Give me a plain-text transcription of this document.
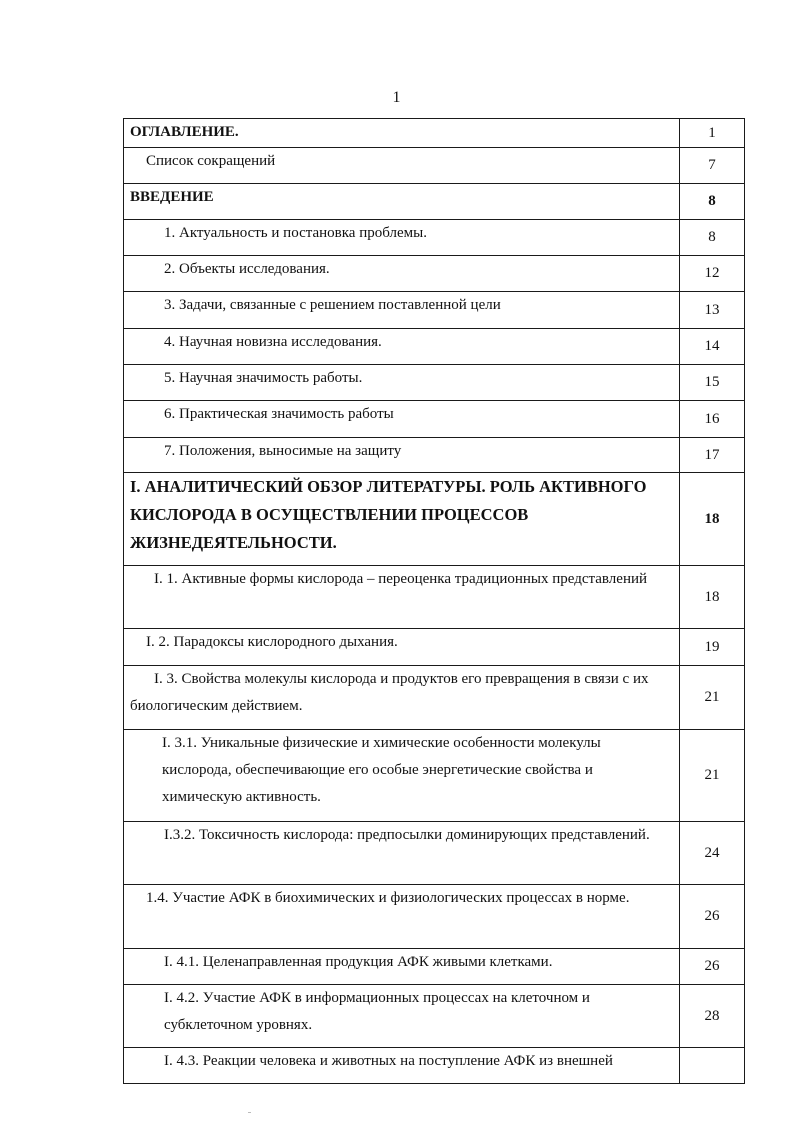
1
ОГЛАВЛЕНИЕ.	1
Список сокращений	7
ВВЕДЕНИЕ	8
1. Актуальность и постановка проблемы.	8
2. Объекты исследования.	12
3. Задачи, связанные с решением поставленной цели	13
4. Научная новизна исследования.	14
5. Научная значимость работы.	15
6. Практическая значимость работы	16
7. Положения, выносимые на защиту	17
I. АНАЛИТИЧЕСКИЙ ОБЗОР ЛИТЕРАТУРЫ. РОЛЬ АКТИВНОГО КИСЛОРОДА В ОСУЩЕСТВЛЕНИИ ПРОЦЕССОВ ЖИЗНЕДЕЯТЕЛЬНОСТИ.	18
I. 1. Активные формы кислорода – переоценка традиционных представлений	18
I. 2. Парадоксы кислородного дыхания.	19
I. 3. Свойства молекулы кислорода и продуктов его превращения в связи с их биологическим действием.	21
I. 3.1. Уникальные физические и химические особенности молекулы кислорода, обеспечивающие его особые энергетические свойства и химическую активность.	21
I.3.2. Токсичность кислорода: предпосылки доминирующих представлений.	24
1.4. Участие АФК в биохимических и физиологических процессах в норме.	26
I. 4.1. Целенаправленная продукция АФК живыми клетками.	26
I. 4.2. Участие АФК в информационных процессах на клеточном и субклеточном уровнях.	28
I. 4.3. Реакции человека и животных на поступление АФК из внешней	
